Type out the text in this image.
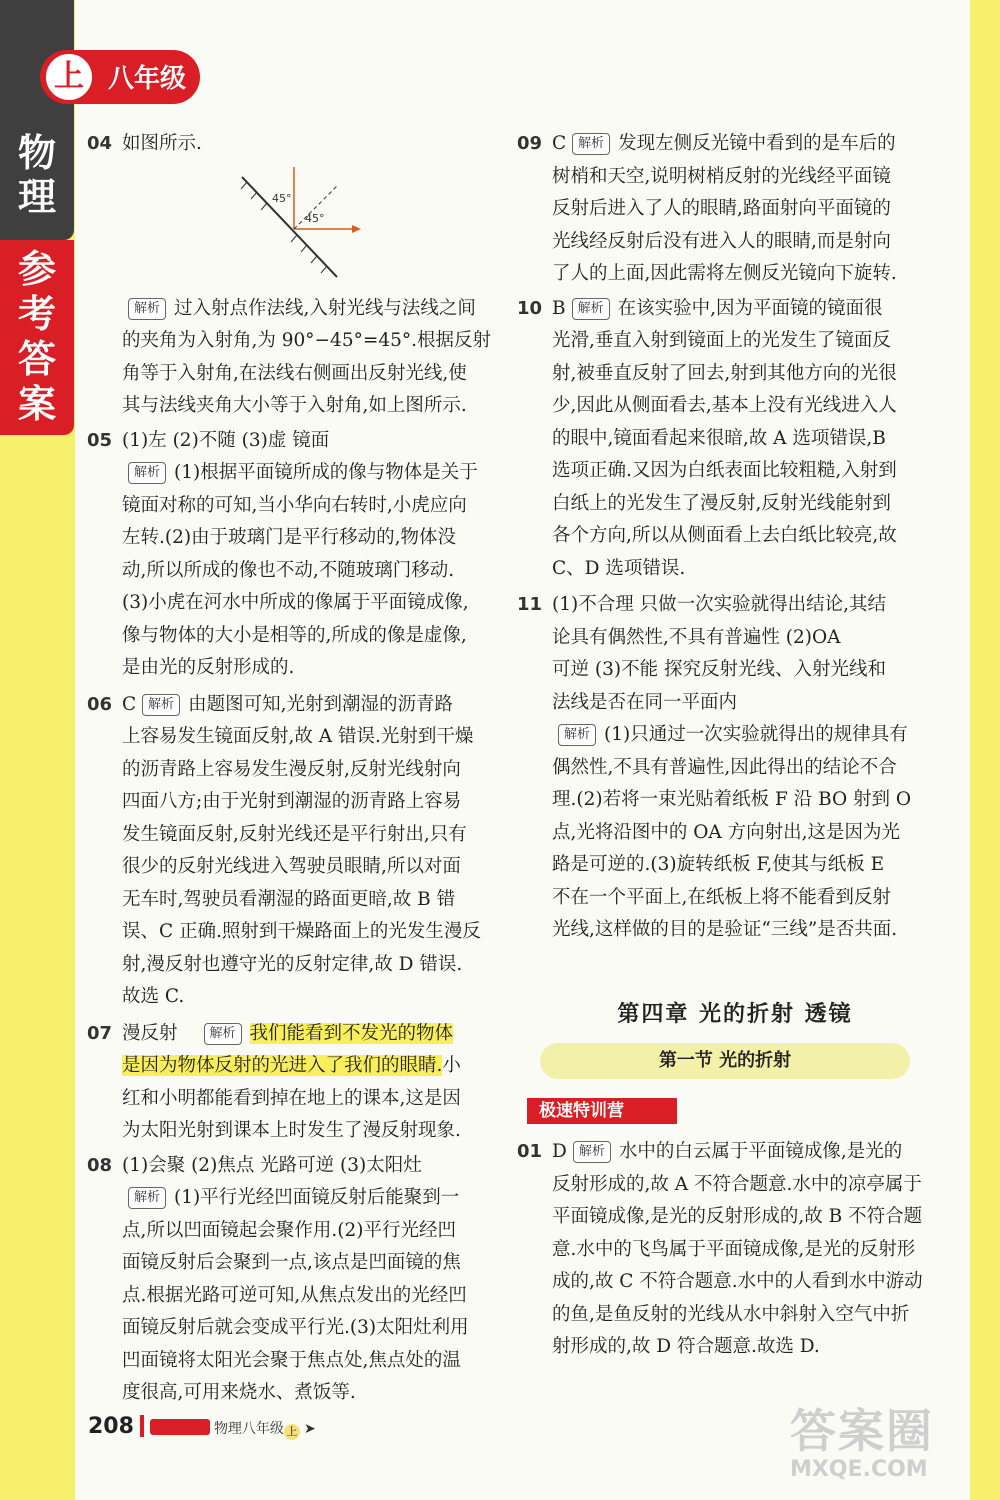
物
理
参
考
答
案
上 八年级
04 如图所示.
45°
45°
解析 过入射点作法线,入射光线与法线之间
的夹角为入射角,为 90°−45°=45°.根据反射
角等于入射角,在法线右侧画出反射光线,使
其与法线夹角大小等于入射角,如上图所示.
05 (1)左 (2)不随 (3)虚 镜面
解析 (1)根据平面镜所成的像与物体是关于
镜面对称的可知,当小华向右转时,小虎应向
左转.(2)由于玻璃门是平行移动的,物体没
动,所以所成的像也不动,不随玻璃门移动.
(3)小虎在河水中所成的像属于平面镜成像,
像与物体的大小是相等的,所成的像是虚像,
是由光的反射形成的.
06 C 解析 由题图可知,光射到潮湿的沥青路
上容易发生镜面反射,故 A 错误.光射到干燥
的沥青路上容易发生漫反射,反射光线射向
四面八方;由于光射到潮湿的沥青路上容易
发生镜面反射,反射光线还是平行射出,只有
很少的反射光线进入驾驶员眼睛,所以对面
无车时,驾驶员看潮湿的路面更暗,故 B 错
误、C 正确.照射到干燥路面上的光发生漫反
射,漫反射也遵守光的反射定律,故 D 错误.
故选 C.
07 漫反射 解析 我们能看到不发光的物体
是因为物体反射的光进入了我们的眼睛.小
红和小明都能看到掉在地上的课本,这是因
为太阳光射到课本上时发生了漫反射现象.
08 (1)会聚 (2)焦点 光路可逆 (3)太阳灶
解析 (1)平行光经凹面镜反射后能聚到一
点,所以凹面镜起会聚作用.(2)平行光经凹
面镜反射后会聚到一点,该点是凹面镜的焦
点.根据光路可逆可知,从焦点发出的光经凹
面镜反射后就会变成平行光.(3)太阳灶利用
凹面镜将太阳光会聚于焦点处,焦点处的温
度很高,可用来烧水、煮饭等.
09 C 解析 发现左侧反光镜中看到的是车后的
树梢和天空,说明树梢反射的光线经平面镜
反射后进入了人的眼睛,路面射向平面镜的
光线经反射后没有进入人的眼睛,而是射向
了人的上面,因此需将左侧反光镜向下旋转.
10 B 解析 在该实验中,因为平面镜的镜面很
光滑,垂直入射到镜面上的光发生了镜面反
射,被垂直反射了回去,射到其他方向的光很
少,因此从侧面看去,基本上没有光线进入人
的眼中,镜面看起来很暗,故 A 选项错误,B
选项正确.又因为白纸表面比较粗糙,入射到
白纸上的光发生了漫反射,反射光线能射到
各个方向,所以从侧面看上去白纸比较亮,故
C、D 选项错误.
11 (1)不合理 只做一次实验就得出结论,其结
论具有偶然性,不具有普遍性 (2)OA
可逆 (3)不能 探究反射光线、入射光线和
法线是否在同一平面内
解析 (1)只通过一次实验就得出的规律具有
偶然性,不具有普遍性,因此得出的结论不合
理.(2)若将一束光贴着纸板 F 沿 BO 射到 O
点,光将沿图中的 OA 方向射出,这是因为光
路是可逆的.(3)旋转纸板 F,使其与纸板 E
不在一个平面上,在纸板上将不能看到反射
光线,这样做的目的是验证“三线”是否共面.
第四章 光的折射 透镜
第一节 光的折射
极速特训营
01 D 解析 水中的白云属于平面镜成像,是光的
反射形成的,故 A 不符合题意.水中的凉亭属于
平面镜成像,是光的反射形成的,故 B 不符合题
意.水中的飞鸟属于平面镜成像,是光的反射形
成的,故 C 不符合题意.水中的人看到水中游动
的鱼,是鱼反射的光线从水中斜射入空气中折
射形成的,故 D 符合题意.故选 D.
208	物理八年级 上 ➤	答案圈
MXQE.COM
